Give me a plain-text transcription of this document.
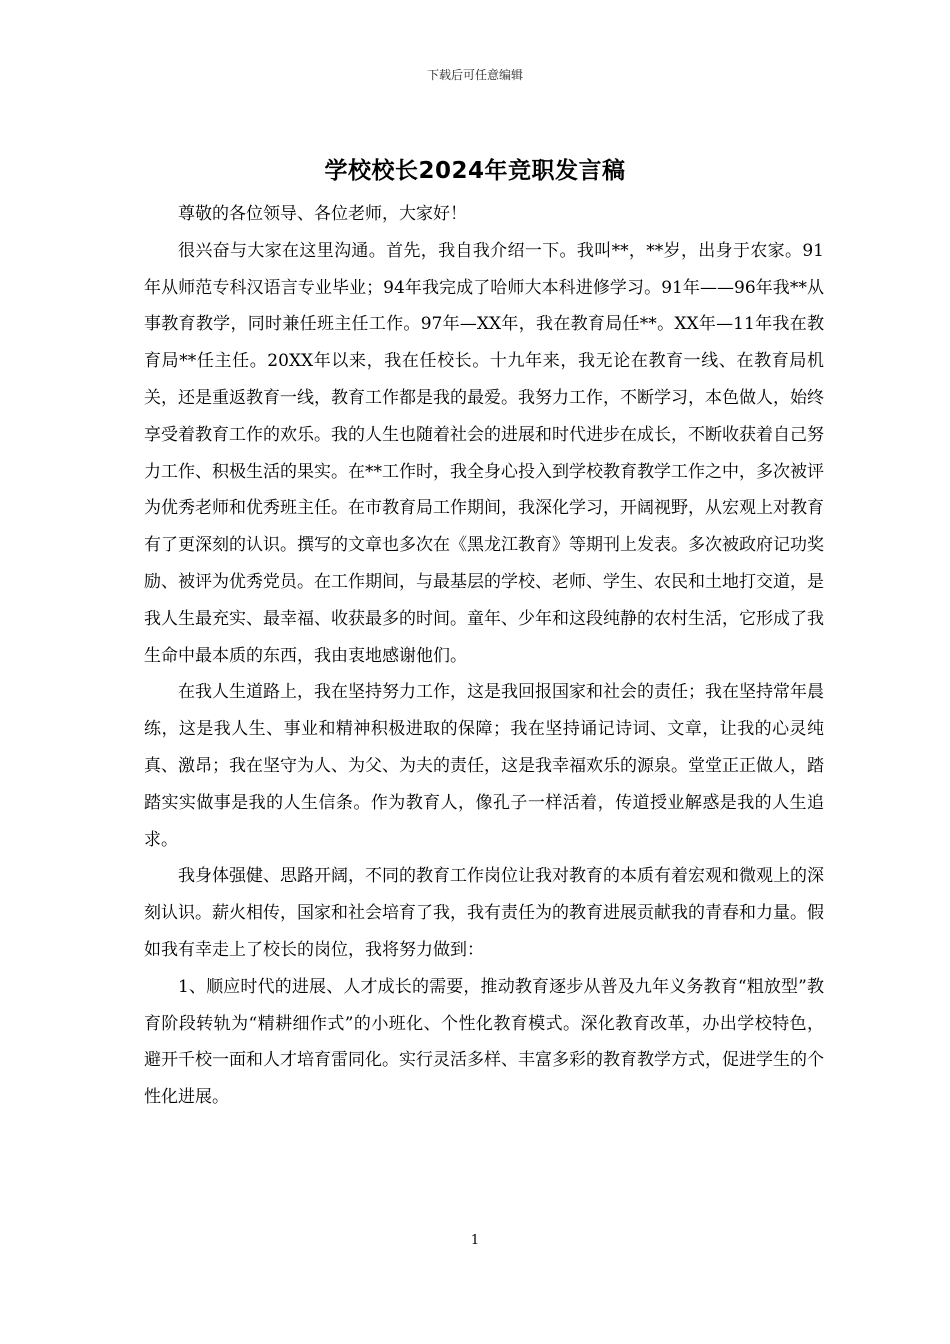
下载后可任意编辑
学校校长2024年竞职发言稿

尊敬的各位领导、各位老师，大家好！

很兴奋与大家在这里沟通。首先，我自我介绍一下。我叫**，**岁，出身于农家。91年从师范专科汉语言专业毕业；94年我完成了哈师大本科进修学习。91年——96年我**从事教育教学，同时兼任班主任工作。97年—XX年，我在教育局任**。XX年—11年我在教育局**任主任。20XX年以来，我在任校长。十九年来，我无论在教育一线、在教育局机关，还是重返教育一线，教育工作都是我的最爱。我努力工作，不断学习，本色做人，始终享受着教育工作的欢乐。我的人生也随着社会的进展和时代进步在成长，不断收获着自己努力工作、积极生活的果实。在**工作时，我全身心投入到学校教育教学工作之中，多次被评为优秀老师和优秀班主任。在市教育局工作期间，我深化学习，开阔视野，从宏观上对教育有了更深刻的认识。撰写的文章也多次在《黑龙江教育》等期刊上发表。多次被政府记功奖励、被评为优秀党员。在工作期间，与最基层的学校、老师、学生、农民和土地打交道，是我人生最充实、最幸福、收获最多的时间。童年、少年和这段纯静的农村生活，它形成了我生命中最本质的东西，我由衷地感谢他们。

在我人生道路上，我在坚持努力工作，这是我回报国家和社会的责任；我在坚持常年晨练，这是我人生、事业和精神积极进取的保障；我在坚持诵记诗词、文章，让我的心灵纯真、激昂；我在坚守为人、为父、为夫的责任，这是我幸福欢乐的源泉。堂堂正正做人，踏踏实实做事是我的人生信条。作为教育人，像孔子一样活着，传道授业解惑是我的人生追求。

我身体强健、思路开阔，不同的教育工作岗位让我对教育的本质有着宏观和微观上的深刻认识。薪火相传，国家和社会培育了我，我有责任为的教育进展贡献我的青春和力量。假如我有幸走上了校长的岗位，我将努力做到：

1、顺应时代的进展、人才成长的需要，推动教育逐步从普及九年义务教育“粗放型”教育阶段转轨为“精耕细作式”的小班化、个性化教育模式。深化教育改革，办出学校特色，避开千校一面和人才培育雷同化。实行灵活多样、丰富多彩的教育教学方式，促进学生的个性化进展。

1
